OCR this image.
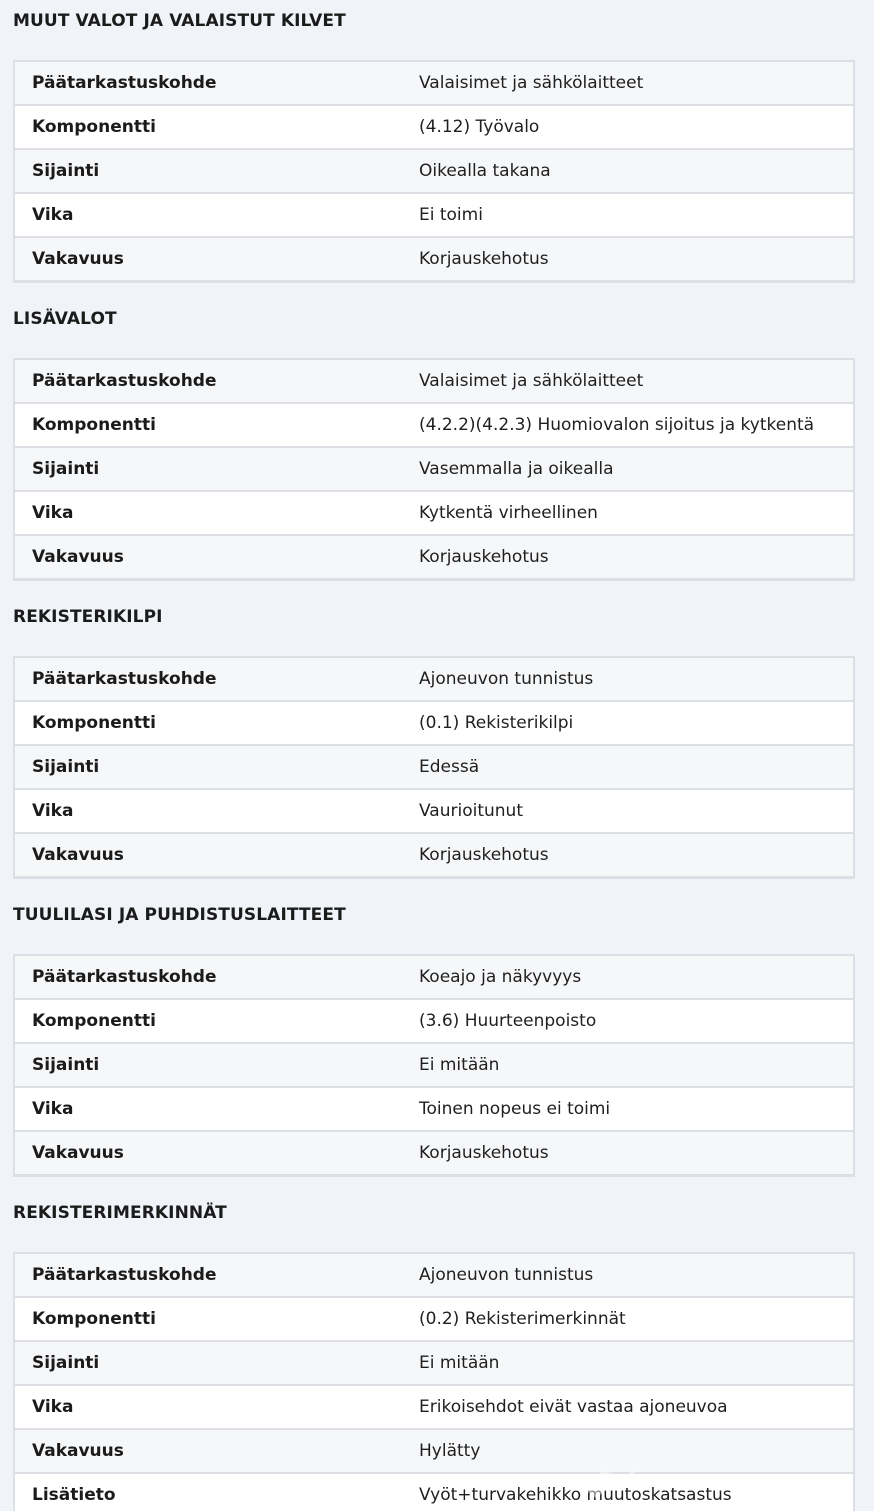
MUUT VALOT JA VALAISTUT KILVET
Päätarkastuskohde	Valaisimet ja sähkölaitteet
Komponentti	(4.12) Työvalo
Sijainti	Oikealla takana
Vika	Ei toimi
Vakavuus	Korjauskehotus
LISÄVALOT
Päätarkastuskohde	Valaisimet ja sähkölaitteet
Komponentti	(4.2.2)(4.2.3) Huomiovalon sijoitus ja kytkentä
Sijainti	Vasemmalla ja oikealla
Vika	Kytkentä virheellinen
Vakavuus	Korjauskehotus
REKISTERIKILPI
Päätarkastuskohde	Ajoneuvon tunnistus
Komponentti	(0.1) Rekisterikilpi
Sijainti	Edessä
Vika	Vaurioitunut
Vakavuus	Korjauskehotus
TUULILASI JA PUHDISTUSLAITTEET
Päätarkastuskohde	Koeajo ja näkyvyys
Komponentti	(3.6) Huurteenpoisto
Sijainti	Ei mitään
Vika	Toinen nopeus ei toimi
Vakavuus	Korjauskehotus
REKISTERIMERKINNÄT
Päätarkastuskohde	Ajoneuvon tunnistus
Komponentti	(0.2) Rekisterimerkinnät
Sijainti	Ei mitään
Vika	Erikoisehdot eivät vastaa ajoneuvoa
Vakavuus	Hylätty
Lisätieto	Vyöt+turvakehikko muutoskatsastus
